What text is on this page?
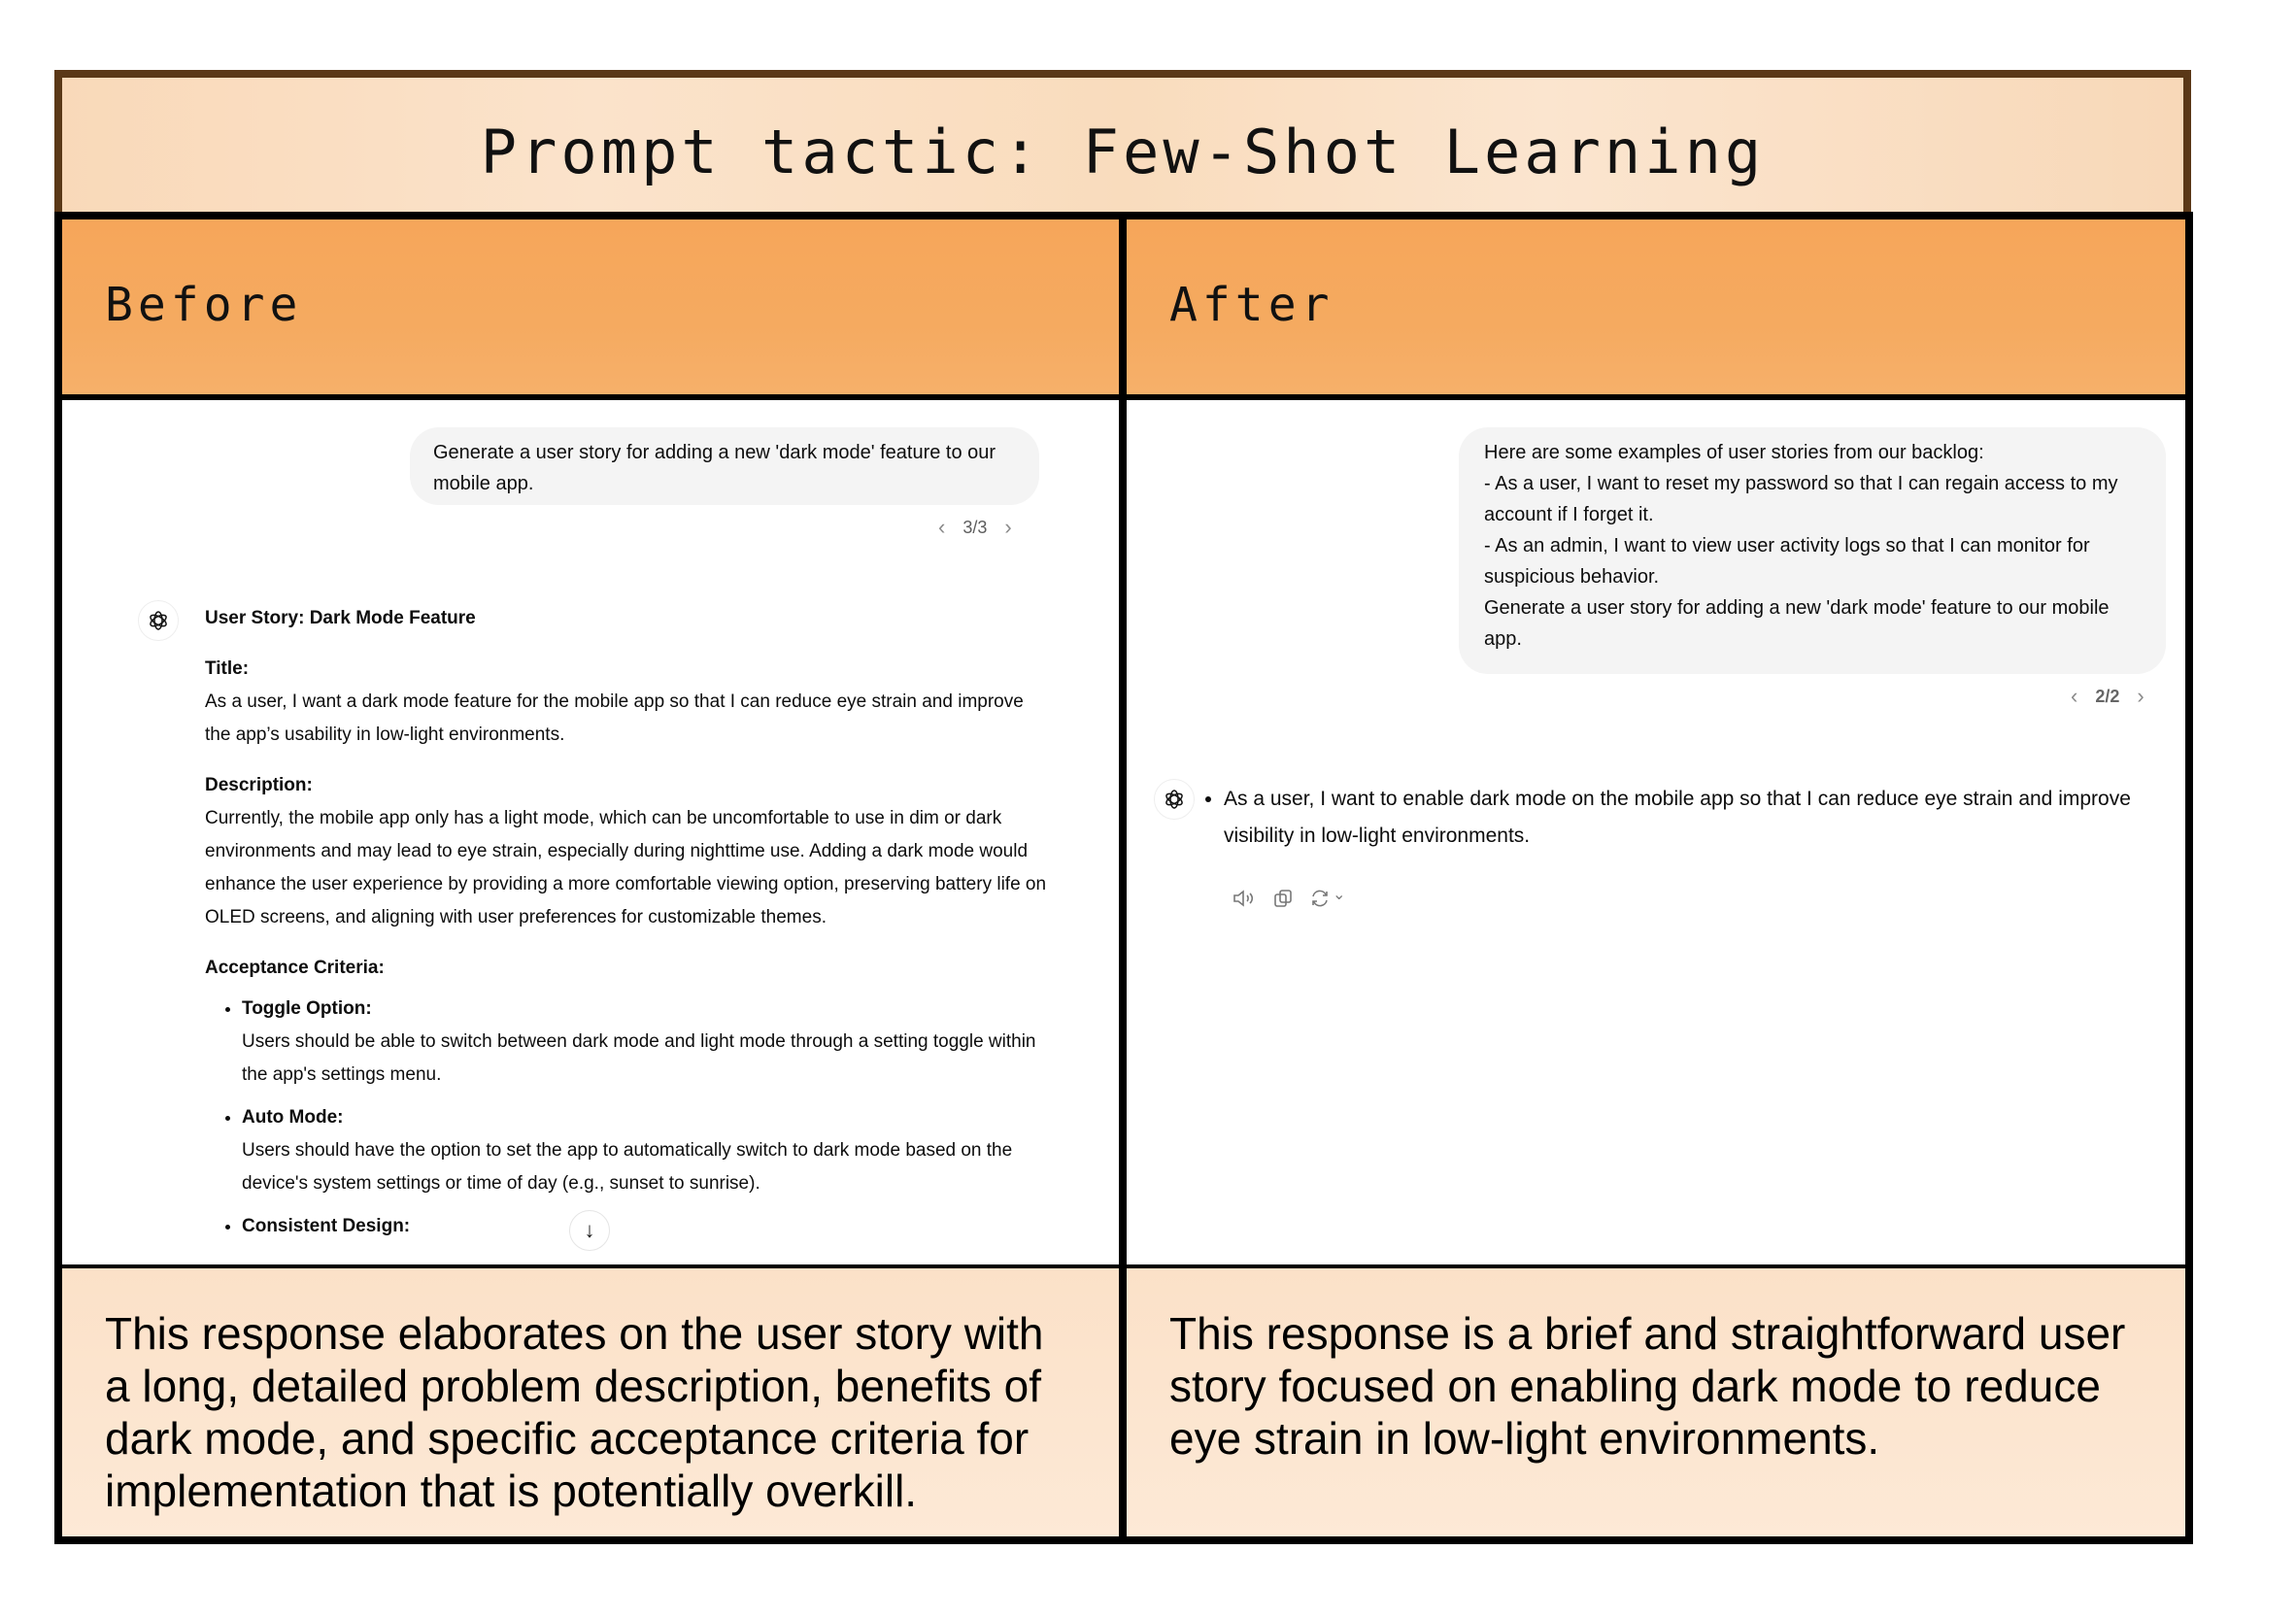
Prompt tactic: Few-Shot Learning
Before	After
Generate a user story for adding a new 'dark mode' feature to our mobile app.
‹ 3/3 ›

User Story: Dark Mode Feature

Title:

As a user, I want a dark mode feature for the mobile app so that I can reduce eye strain and improve the app’s usability in low-light environments.

Description:

Currently, the mobile app only has a light mode, which can be uncomfortable to use in dim or dark environments and may lead to eye strain, especially during nighttime use. Adding a dark mode would enhance the user experience by providing a more comfortable viewing option, preserving battery life on OLED screens, and aligning with user preferences for customizable themes.

Acceptance Criteria:

• Toggle Option:
Users should be able to switch between dark mode and light mode through a setting toggle within the app's settings menu.
• Auto Mode:
Users should have the option to set the app to automatically switch to dark mode based on the device's system settings or time of day (e.g., sunset to sunrise).
• Consistent Design:	↓
Here are some examples of user stories from our backlog:
- As a user, I want to reset my password so that I can regain access to my account if I forget it.
- As an admin, I want to view user activity logs so that I can monitor for suspicious behavior.
Generate a user story for adding a new 'dark mode' feature to our mobile app.
‹ 2/2 ›
• As a user, I want to enable dark mode on the mobile app so that I can reduce eye strain and improve visibility in low-light environments.
⌄
This response elaborates on the user story with a long, detailed problem description, benefits of dark mode, and specific acceptance criteria for implementation that is potentially overkill.
This response is a brief and straightforward user story focused on enabling dark mode to reduce eye strain in low-light environments.
